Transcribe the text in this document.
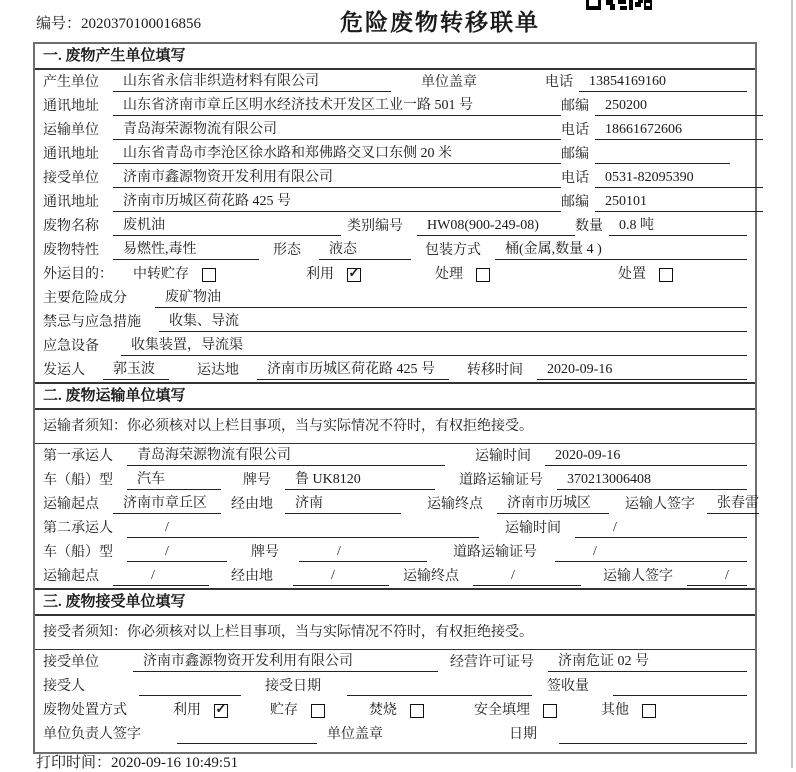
编号：2020370100016856	危险废物转移联单
一. 废物产生单位填写
产生单位	山东省永信非织造材料有限公司	单位盖章	电话	13854169160
通讯地址	山东省济南市章丘区明水经济技术开发区工业一路 501 号	邮编	250200
运输单位	青岛海荣源物流有限公司	电话	18661672606
通讯地址	山东省青岛市李沧区徐水路和郑佛路交叉口东侧 20 米	邮编
接受单位	济南市鑫源物资开发利用有限公司	电话	0531-82095390
通讯地址	济南市历城区荷花路 425 号	邮编	250101
废物名称	废机油	类别编号	HW08(900-249-08)	数量	0.8 吨
废物特性	易燃性,毒性	形态	液态	包装方式	桶(金属,数量 4 )
外运目的：	中转贮存	利用	✓	处理	处置
主要危险成分	废矿物油
禁忌与应急措施	收集、导流
应急设备	收集装置，导流渠
发运人	郭玉波	运达地	济南市历城区荷花路 425 号	转移时间	2020-09-16
二. 废物运输单位填写
运输者须知：你必须核对以上栏目事项，当与实际情况不符时，有权拒绝接受。
第一承运人	青岛海荣源物流有限公司	运输时间	2020-09-16
车（船）型	汽车	牌号	鲁 UK8120	道路运输证号	370213006408
运输起点	济南市章丘区	经由地	济南	运输终点	济南市历城区	运输人签字	张春雷
第二承运人	/	运输时间	/
车（船）型	/	牌号	/	道路运输证号	/
运输起点	/	经由地	/	运输终点	/	运输人签字	/
三. 废物接受单位填写
接受者须知：你必须核对以上栏目事项，当与实际情况不符时，有权拒绝接受。
接受单位	济南市鑫源物资开发利用有限公司	经营许可证号	济南危证 02 号
接受人	接受日期	签收量
废物处置方式	利用	✓	贮存	焚烧	安全填埋	其他
单位负责人签字	单位盖章	日期
打印时间：2020-09-16 10:49:51
